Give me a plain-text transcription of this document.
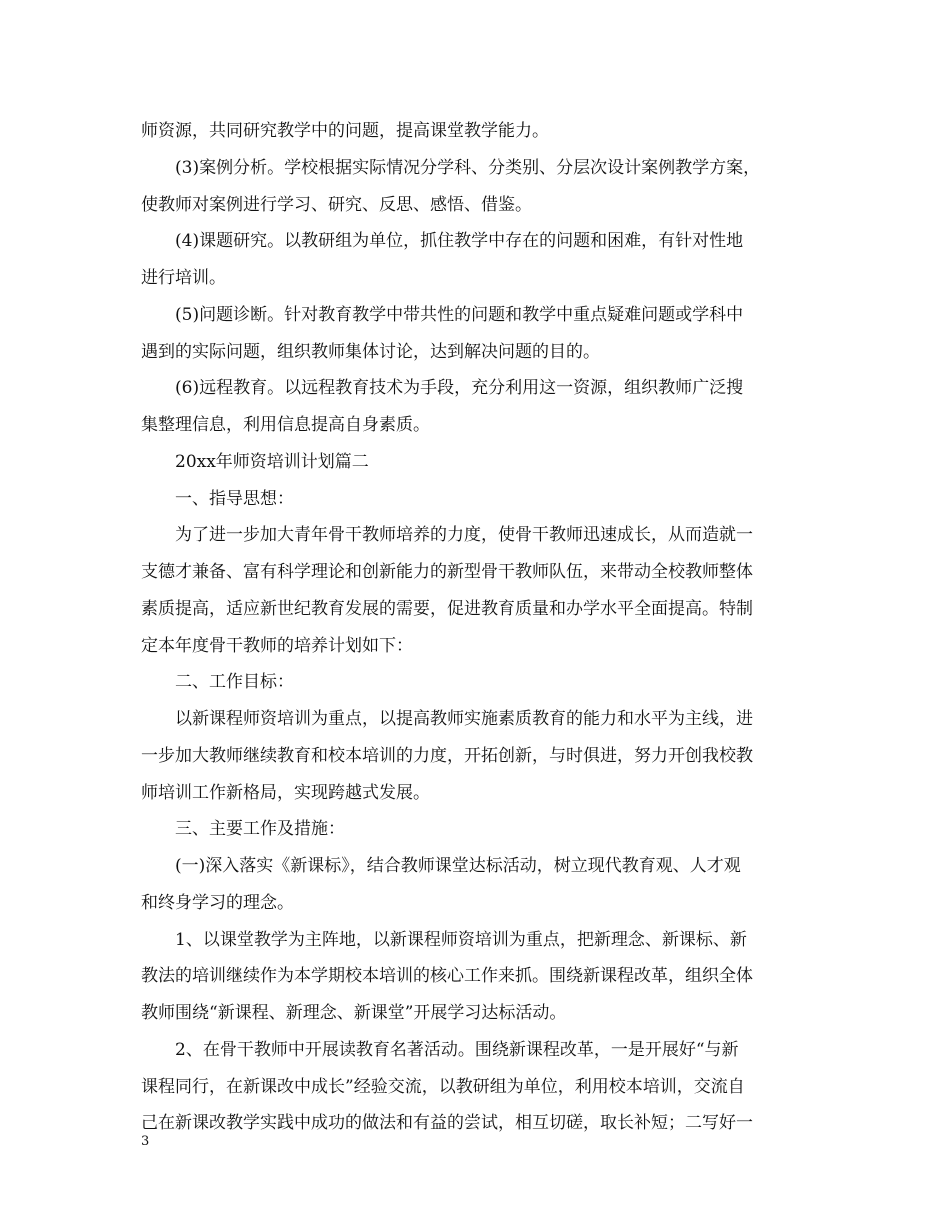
师资源，共同研究教学中的问题，提高课堂教学能力。
(3)案例分析。学校根据实际情况分学科、分类别、分层次设计案例教学方案，
使教师对案例进行学习、研究、反思、感悟、借鉴。
(4)课题研究。以教研组为单位，抓住教学中存在的问题和困难，有针对性地
进行培训。
(5)问题诊断。针对教育教学中带共性的问题和教学中重点疑难问题或学科中
遇到的实际问题，组织教师集体讨论，达到解决问题的目的。
(6)远程教育。以远程教育技术为手段，充分利用这一资源，组织教师广泛搜
集整理信息，利用信息提高自身素质。
20xx年师资培训计划篇二
一、指导思想：
为了进一步加大青年骨干教师培养的力度，使骨干教师迅速成长，从而造就一
支德才兼备、富有科学理论和创新能力的新型骨干教师队伍，来带动全校教师整体
素质提高，适应新世纪教育发展的需要，促进教育质量和办学水平全面提高。特制
定本年度骨干教师的培养计划如下：
二、工作目标：
以新课程师资培训为重点，以提高教师实施素质教育的能力和水平为主线，进
一步加大教师继续教育和校本培训的力度，开拓创新，与时俱进，努力开创我校教
师培训工作新格局，实现跨越式发展。
三、主要工作及措施：
(一)深入落实《新课标》，结合教师课堂达标活动，树立现代教育观、人才观
和终身学习的理念。
1、以课堂教学为主阵地，以新课程师资培训为重点，把新理念、新课标、新
教法的培训继续作为本学期校本培训的核心工作来抓。围绕新课程改革，组织全体
教师围绕“新课程、新理念、新课堂”开展学习达标活动。
2、在骨干教师中开展读教育名著活动。围绕新课程改革，一是开展好“与新
课程同行，在新课改中成长”经验交流，以教研组为单位，利用校本培训，交流自
己在新课改教学实践中成功的做法和有益的尝试，相互切磋，取长补短；二写好一
3
